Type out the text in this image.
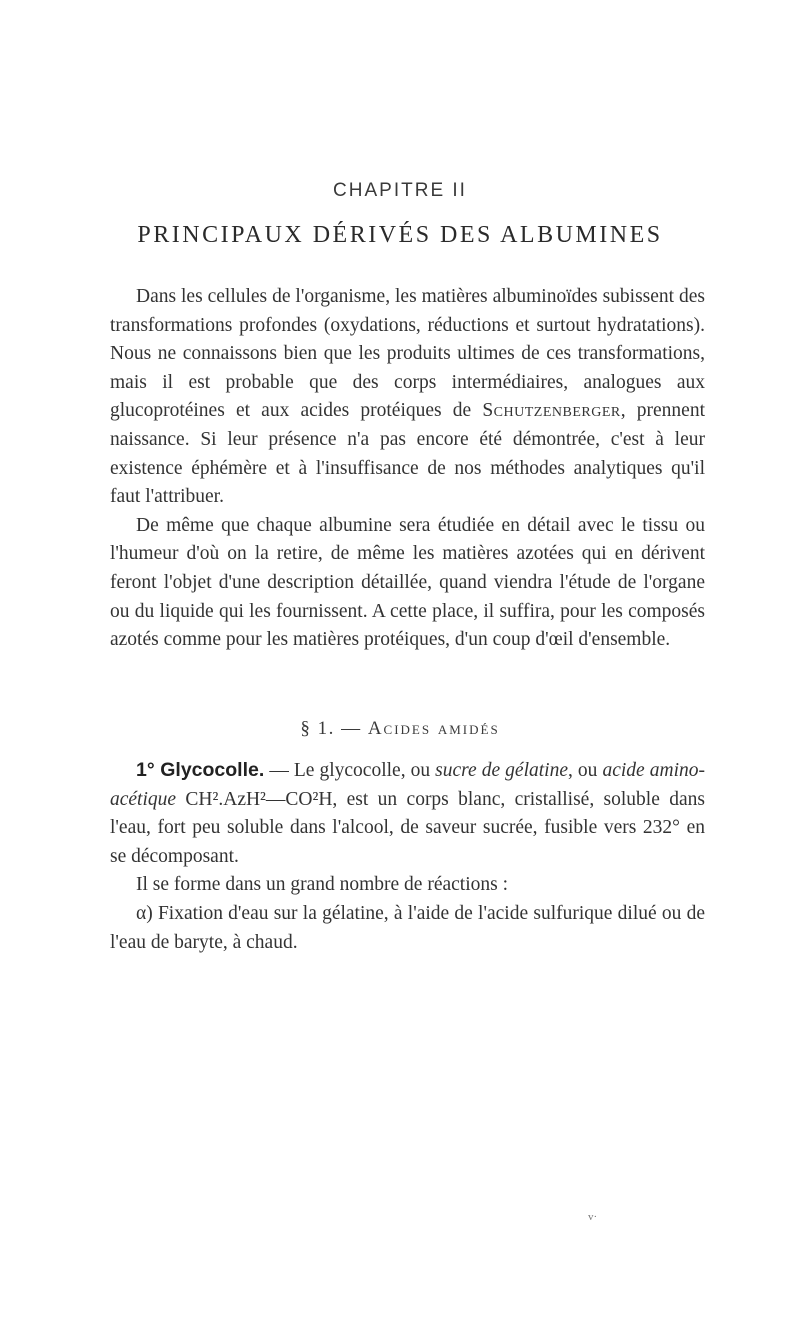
CHAPITRE II
PRINCIPAUX DÉRIVÉS DES ALBUMINES

Dans les cellules de l'organisme, les matières albuminoïdes subissent des transformations profondes (oxydations, réductions et surtout hydratations). Nous ne connaissons bien que les produits ultimes de ces transformations, mais il est probable que des corps intermédiaires, analogues aux glucoprotéines et aux acides protéiques de Schutzenberger, prennent naissance. Si leur présence n'a pas encore été démontrée, c'est à leur existence éphémère et à l'insuffisance de nos méthodes analytiques qu'il faut l'attribuer.

De même que chaque albumine sera étudiée en détail avec le tissu ou l'humeur d'où on la retire, de même les matières azotées qui en dérivent feront l'objet d'une description détaillée, quand viendra l'étude de l'organe ou du liquide qui les fournissent. A cette place, il suffira, pour les composés azotés comme pour les matières protéiques, d'un coup d'œil d'ensemble.

§ 1. — Acides amidés

1° Glycocolle. — Le glycocolle, ou sucre de gélatine, ou acide amino-acétique CH².AzH²—CO²H, est un corps blanc, cristallisé, soluble dans l'eau, fort peu soluble dans l'alcool, de saveur sucrée, fusible vers 232° en se décomposant.

Il se forme dans un grand nombre de réactions :

α) Fixation d'eau sur la gélatine, à l'aide de l'acide sulfurique dilué ou de l'eau de baryte, à chaud.

v·
